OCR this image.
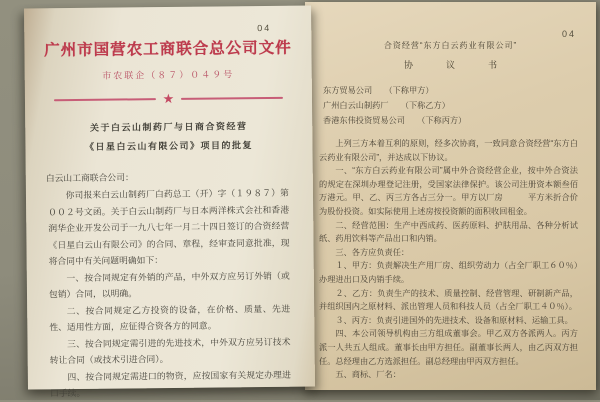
04
合资经营“东方白云药业有限公司”
协　议　书
东方贸易公司　　（下称甲方）
广州白云山制药厂　　（下称乙方）
香港东伟投资贸易公司　　（下称丙方）

上列三方本着互利的原则，经多次协商，一致同意合资经营“东方白云药业有限公司”，并达成以下协议。

一、“东方白云药业有限公司”属中外合资经营企业，按中外合资法的规定在深圳办理登记注册，受国家法律保护。该公司注册资本额叁佰万港元。甲、乙、丙三方各占三分一。甲方以厂房　　　平方米折合价为股份投资。如实际使用上述房按投资额的面积收回租金。

二、经营范围：生产中西成药、医药原料、护肤用品、各种分析试纸、药用饮料等产品出口和内销。

三、各方应负责任：

１、甲方：负责解决生产用厂房、组织劳动力（占全厂职工６０％）办理进出口及内销手续。

２、乙方：负责生产的技术、质量控制、经营管理、研制新产品，并组织国内之原材料、派出管理人员和科技人员（占全厂职工４０％）。

３、丙方：负责引进国外的先进技术、设备和原材料、运输工具。

四、本公司领导机构由三方组成董事会。甲乙双方各派两人。丙方派一人共五人组成。董事长由甲方担任。副董事长两人，由乙丙双方担任。总经理由乙方选派担任。副总经理由甲丙双方担任。

五、商标、厂名：

04
广州市国营农工商联合总公司文件
市农联企（８７）０４９号
★
关于白云山制药厂与日商合资经营
《日星白云山有限公司》项目的批复
白云山工商联合公司：

你司报来白云山制药厂白药总工（开）字（１９８７）第００２号文函。关于白云山制药厂与日本两洋株式会社和香港润华企业开发公司于一九八七年一月二十四日签订的合资经营《日星白云山有限公司》的合同、章程，经审查同意批准，现将合同中有关问题明确如下：

一、按合同规定有外销的产品，中外双方应另订外销（或包销）合同，以明确。

二、按合同规定乙方投资的设备，在价格、质量、先进性、适用性方面，应征得合资各方的同意。

三、按合同规定需引进的先进技术，中外双方应另订技术转让合同（或技术引进合同）。

四、按合同规定需进口的物资，应按国家有关规定办理进口手续。
